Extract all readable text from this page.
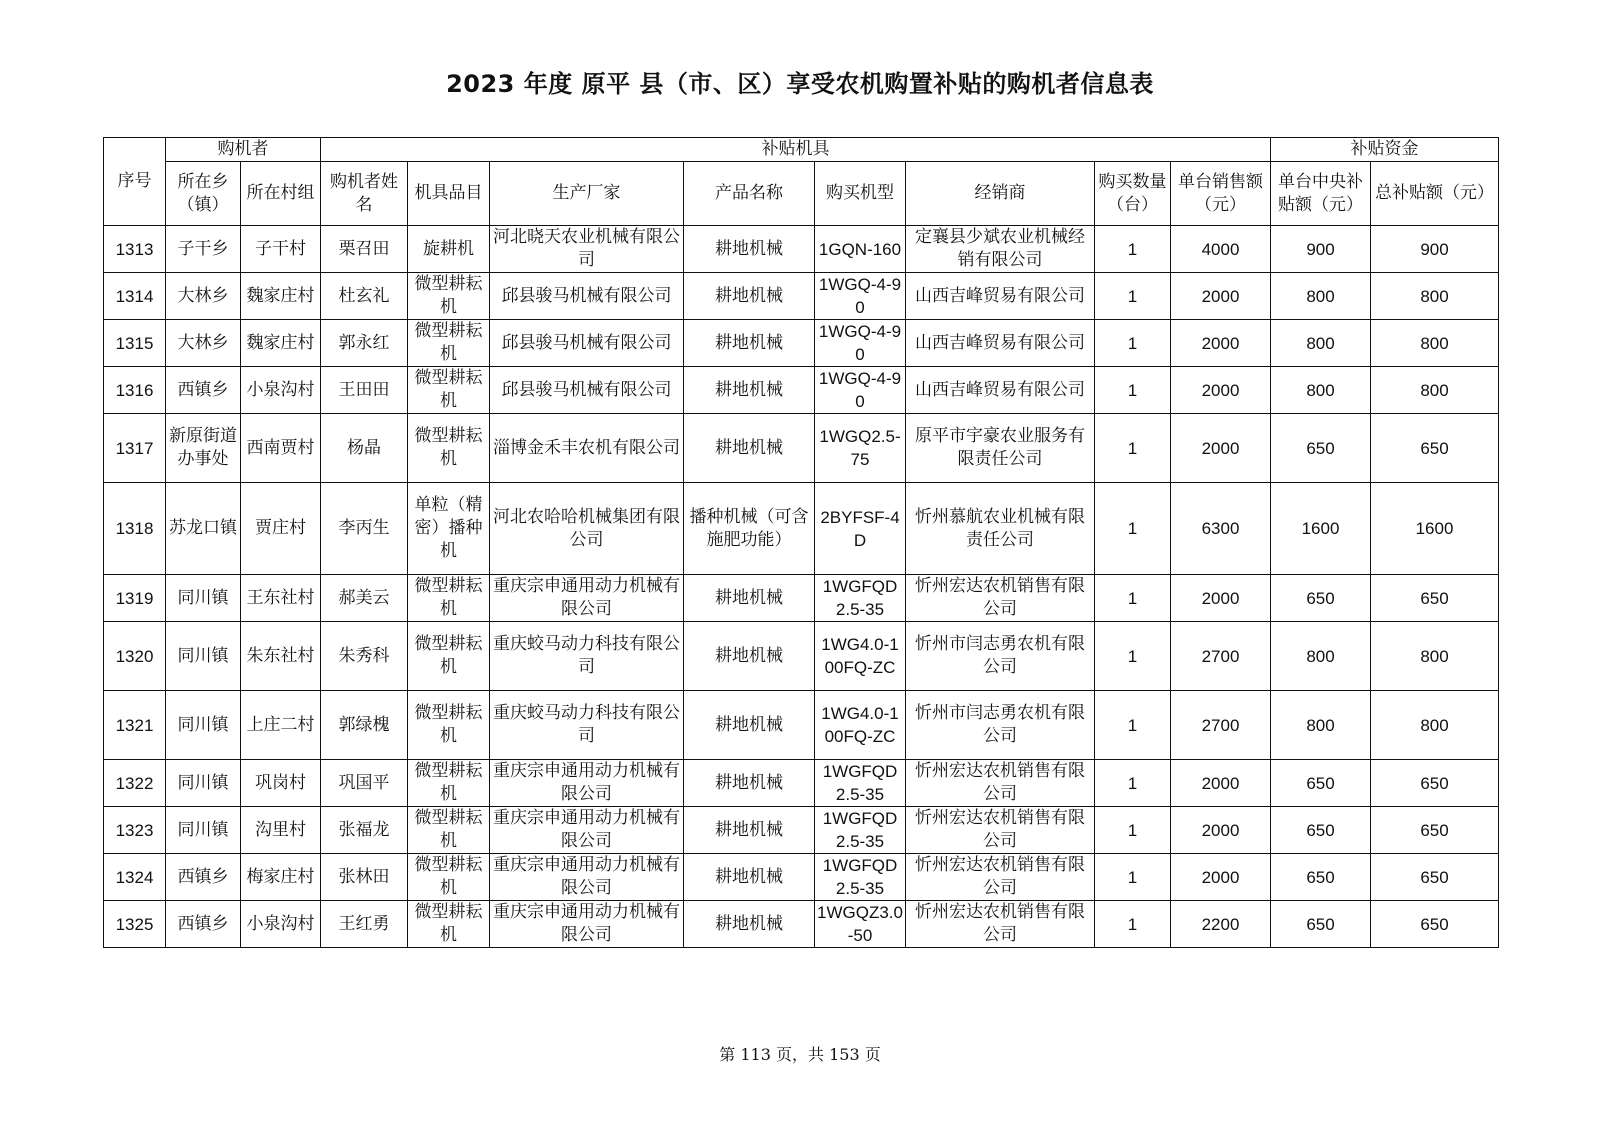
2023 年度 原平 县（市、区）享受农机购置补贴的购机者信息表
序号	购机者		补贴机具								补贴资金	
	所在乡（镇）	所在村组	购机者姓名	机具品目	生产厂家	产品名称	购买机型	经销商	购买数量（台）	单台销售额（元）	单台中央补贴额（元）	总补贴额（元）
1313	子干乡	子干村	栗召田	旋耕机	河北晓天农业机械有限公司	耕地机械	1GQN-160	定襄县少斌农业机械经销有限公司	1	4000	900	900
1314	大林乡	魏家庄村	杜玄礼	微型耕耘机	邱县骏马机械有限公司	耕地机械	1WGQ-4-90	山西吉峰贸易有限公司	1	2000	800	800
1315	大林乡	魏家庄村	郭永红	微型耕耘机	邱县骏马机械有限公司	耕地机械	1WGQ-4-90	山西吉峰贸易有限公司	1	2000	800	800
1316	西镇乡	小泉沟村	王田田	微型耕耘机	邱县骏马机械有限公司	耕地机械	1WGQ-4-90	山西吉峰贸易有限公司	1	2000	800	800
1317	新原街道办事处	西南贾村	杨晶	微型耕耘机	淄博金禾丰农机有限公司	耕地机械	1WGQ2.5-75	原平市宇豪农业服务有限责任公司	1	2000	650	650
1318	苏龙口镇	贾庄村	李丙生	单粒（精密）播种机	河北农哈哈机械集团有限公司	播种机械（可含施肥功能）	2BYFSF-4D	忻州慕航农业机械有限责任公司	1	6300	1600	1600
1319	同川镇	王东社村	郝美云	微型耕耘机	重庆宗申通用动力机械有限公司	耕地机械	1WGFQD2.5-35	忻州宏达农机销售有限公司	1	2000	650	650
1320	同川镇	朱东社村	朱秀科	微型耕耘机	重庆蛟马动力科技有限公司	耕地机械	1WG4.0-100FQ-ZC	忻州市闫志勇农机有限公司	1	2700	800	800
1321	同川镇	上庄二村	郭绿槐	微型耕耘机	重庆蛟马动力科技有限公司	耕地机械	1WG4.0-100FQ-ZC	忻州市闫志勇农机有限公司	1	2700	800	800
1322	同川镇	巩岗村	巩国平	微型耕耘机	重庆宗申通用动力机械有限公司	耕地机械	1WGFQD2.5-35	忻州宏达农机销售有限公司	1	2000	650	650
1323	同川镇	沟里村	张福龙	微型耕耘机	重庆宗申通用动力机械有限公司	耕地机械	1WGFQD2.5-35	忻州宏达农机销售有限公司	1	2000	650	650
1324	西镇乡	梅家庄村	张林田	微型耕耘机	重庆宗申通用动力机械有限公司	耕地机械	1WGFQD2.5-35	忻州宏达农机销售有限公司	1	2000	650	650
1325	西镇乡	小泉沟村	王红勇	微型耕耘机	重庆宗申通用动力机械有限公司	耕地机械	1WGQZ3.0-50	忻州宏达农机销售有限公司	1	2200	650	650
第 113 页，共 153 页
